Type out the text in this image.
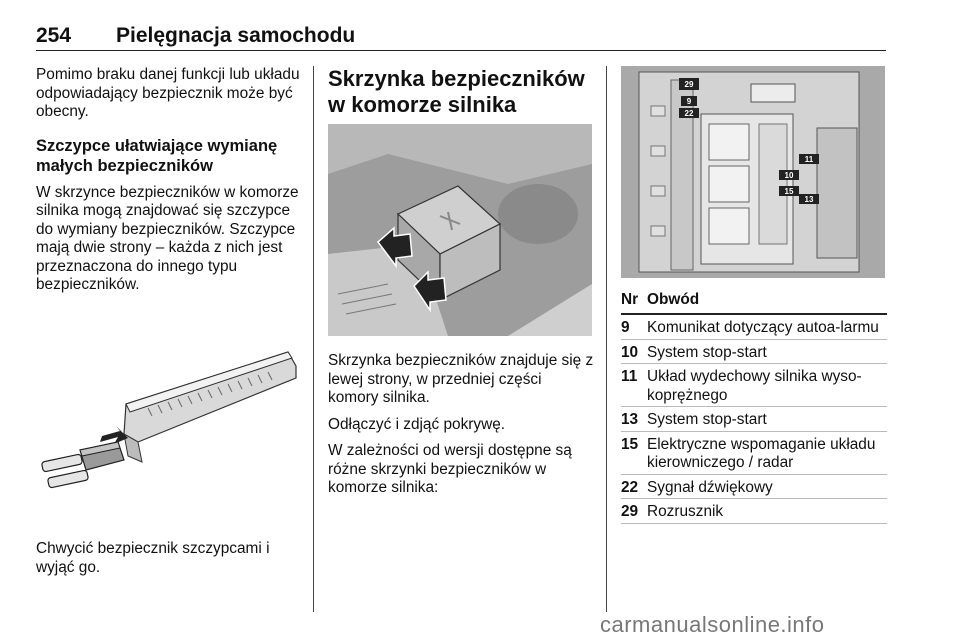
254 Pielęgnacja samochodu

Pomimo braku danej funkcji lub układu odpowiadający bezpiecznik może być obecny.

Szczypce ułatwiające wymianę małych bezpieczników

W skrzynce bezpieczników w komorze silnika mogą znajdować się szczypce do wymiany bezpieczników. Szczypce mają dwie strony – każda z nich jest przeznaczona do innego typu bezpieczników.

Chwycić bezpiecznik szczypcami i wyjąć go.

Skrzynka bezpieczników w komorze silnika

Skrzynka bezpieczników znajduje się z lewej strony, w przedniej części komory silnika.

Odłączyć i zdjąć pokrywę.

W zależności od wersji dostępne są różne skrzynki bezpieczników w komorze silnika:

29
9
22
11
10
15
13
Nr	Obwód
9	Komunikat dotyczący autoa-larmu
10	System stop-start
11	Układ wydechowy silnika wyso-koprężnego
13	System stop-start
15	Elektryczne wspomaganie układu kierowniczego / radar
22	Sygnał dźwiękowy
29	Rozrusznik
carmanualsonline.info
